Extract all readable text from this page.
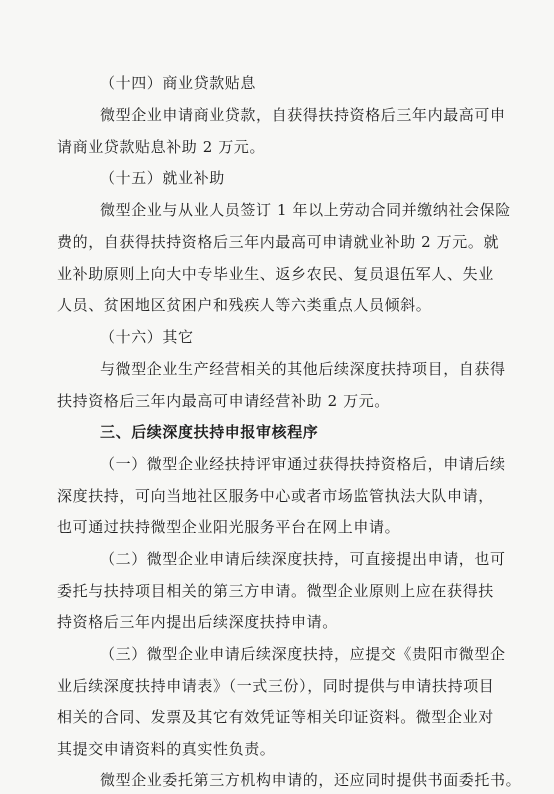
（十四）商业贷款贴息
微型企业申请商业贷款，自获得扶持资格后三年内最高可申
请商业贷款贴息补助 2 万元。
（十五）就业补助
微型企业与从业人员签订 1 年以上劳动合同并缴纳社会保险
费的，自获得扶持资格后三年内最高可申请就业补助 2 万元。就
业补助原则上向大中专毕业生、返乡农民、复员退伍军人、失业
人员、贫困地区贫困户和残疾人等六类重点人员倾斜。
（十六）其它
与微型企业生产经营相关的其他后续深度扶持项目，自获得
扶持资格后三年内最高可申请经营补助 2 万元。
三、后续深度扶持申报审核程序
（一）微型企业经扶持评审通过获得扶持资格后，申请后续
深度扶持，可向当地社区服务中心或者市场监管执法大队申请，
也可通过扶持微型企业阳光服务平台在网上申请。
（二）微型企业申请后续深度扶持，可直接提出申请，也可
委托与扶持项目相关的第三方申请。微型企业原则上应在获得扶
持资格后三年内提出后续深度扶持申请。
（三）微型企业申请后续深度扶持，应提交《贵阳市微型企
业后续深度扶持申请表》（一式三份），同时提供与申请扶持项目
相关的合同、发票及其它有效凭证等相关印证资料。微型企业对
其提交申请资料的真实性负责。
微型企业委托第三方机构申请的，还应同时提供书面委托书。
